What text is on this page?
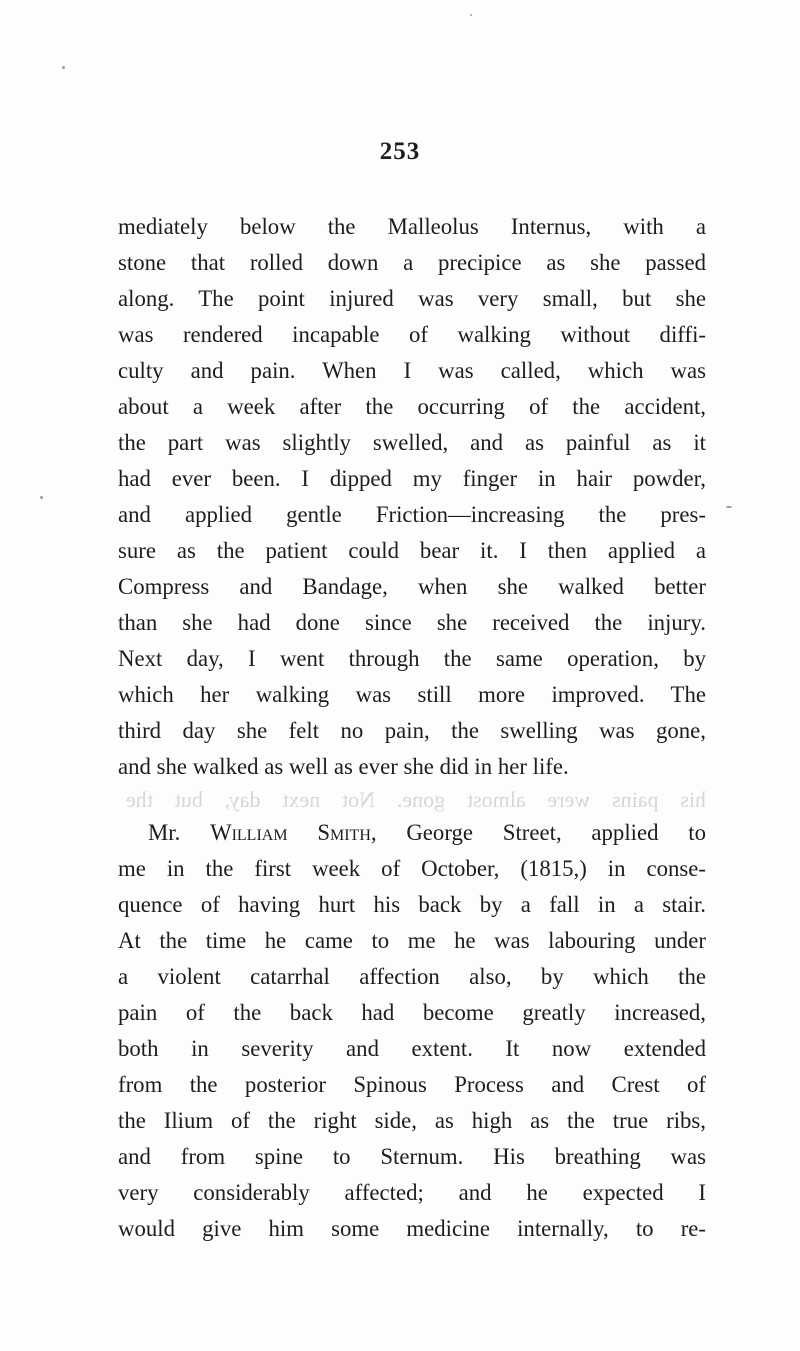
253
mediately below the Malleolus Internus, with a
stone that rolled down a precipice as she passed
along. The point injured was very small, but she
was rendered incapable of walking without diffi-
culty and pain. When I was called, which was
about a week after the occurring of the accident,
the part was slightly swelled, and as painful as it
had ever been. I dipped my finger in hair powder,
and applied gentle Friction—increasing the pres-
sure as the patient could bear it. I then applied a
Compress and Bandage, when she walked better
than she had done since she received the injury.
Next day, I went through the same operation, by
which her walking was still more improved. The
third day she felt no pain, the swelling was gone,
and she walked as well as ever she did in her life.
his pains were almost gone. Not next day, but the
Mr. William Smith, George Street, applied to
me in the first week of October, (1815,) in conse-
quence of having hurt his back by a fall in a stair.
At the time he came to me he was labouring under
a violent catarrhal affection also, by which the
pain of the back had become greatly increased,
both in severity and extent. It now extended
from the posterior Spinous Process and Crest of
the Ilium of the right side, as high as the true ribs,
and from spine to Sternum. His breathing was
very considerably affected; and he expected I
would give him some medicine internally, to re-
